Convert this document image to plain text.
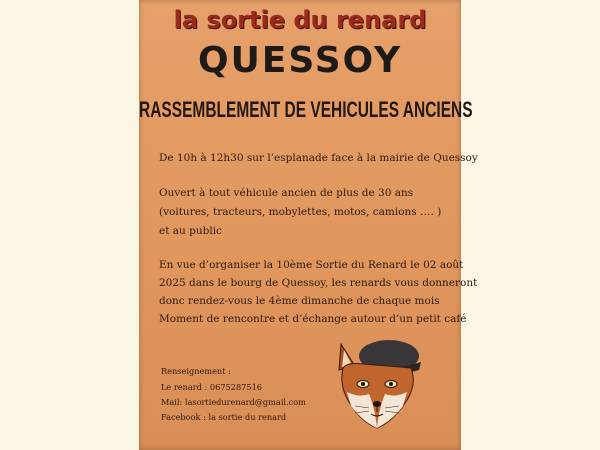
la sortie du renard
QUESSOY
RASSEMBLEMENT DE VEHICULES ANCIENS
De 10h à 12h30 sur l’esplanade face à la mairie de Quessoy
Ouvert à tout véhicule ancien de plus de 30 ans
(voitures, tracteurs, mobylettes, motos, camions …. )
et au public
En vue d’organiser la 10ème Sortie du Renard le 02 août
2025 dans le bourg de Quessoy, les renards vous donneront
donc rendez-vous le 4ème dimanche de chaque mois
Moment de rencontre et d’échange autour d’un petit café
Renseignement :
Le renard : 0675287516
Mail: lasortiedurenard@gmail.com
Facebook : la sortie du renard
